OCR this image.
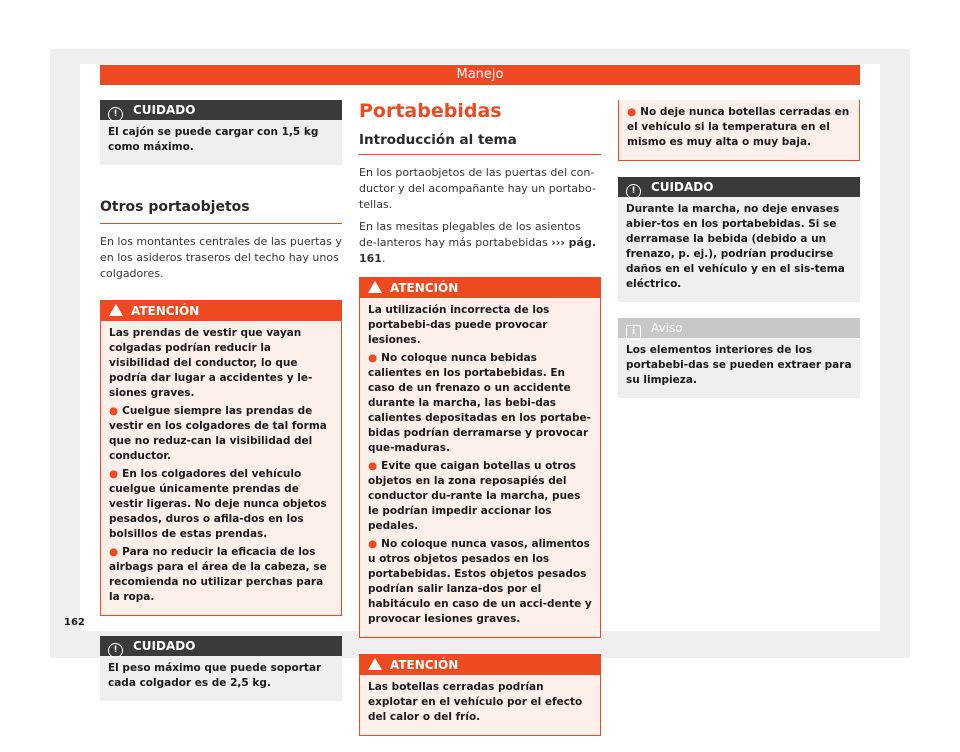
Manejo
! CUIDADO

El cajón se puede cargar con 1,5 kg como máximo.

Otros portaobjetos

En los montantes centrales de las puertas y en los asideros traseros del techo hay unos colgadores.

ATENCIÓN

Las prendas de vestir que vayan colgadas podrían reducir la visibilidad del conductor, lo que podría dar lugar a accidentes y le-siones graves.

● Cuelgue siempre las prendas de vestir en los colgadores de tal forma que no reduz-can la visibilidad del conductor.

● En los colgadores del vehículo cuelgue únicamente prendas de vestir ligeras. No deje nunca objetos pesados, duros o afila-dos en los bolsillos de estas prendas.

● Para no reducir la eficacia de los airbags para el área de la cabeza, se recomienda no utilizar perchas para la ropa.

! CUIDADO

El peso máximo que puede soportar cada colgador es de 2,5 kg.

Portabebidas
Introducción al tema

En los portaobjetos de las puertas del con-ductor y del acompañante hay un portabo-tellas.

En las mesitas plegables de los asientos de-lanteros hay más portabebidas ››› pág. 161.

ATENCIÓN

La utilización incorrecta de los portabebi-das puede provocar lesiones.

● No coloque nunca bebidas calientes en los portabebidas. En caso de un frenazo o un accidente durante la marcha, las bebi-das calientes depositadas en los portabe-bidas podrían derramarse y provocar que-maduras.

● Evite que caigan botellas u otros objetos en la zona reposapiés del conductor du-rante la marcha, pues le podrían impedir accionar los pedales.

● No coloque nunca vasos, alimentos u otros objetos pesados en los portabebidas. Estos objetos pesados podrían salir lanza-dos por el habitáculo en caso de un acci-dente y provocar lesiones graves.

ATENCIÓN

Las botellas cerradas podrían explotar en el vehículo por el efecto del calor o del frío.

● No deje nunca botellas cerradas en el vehículo si la temperatura en el mismo es muy alta o muy baja.

! CUIDADO

Durante la marcha, no deje envases abier-tos en los portabebidas. Si se derramase la bebida (debido a un frenazo, p. ej.), podrían producirse daños en el vehículo y en el sis-tema eléctrico.

i Aviso

Los elementos interiores de los portabebi-das se pueden extraer para su limpieza.

162
